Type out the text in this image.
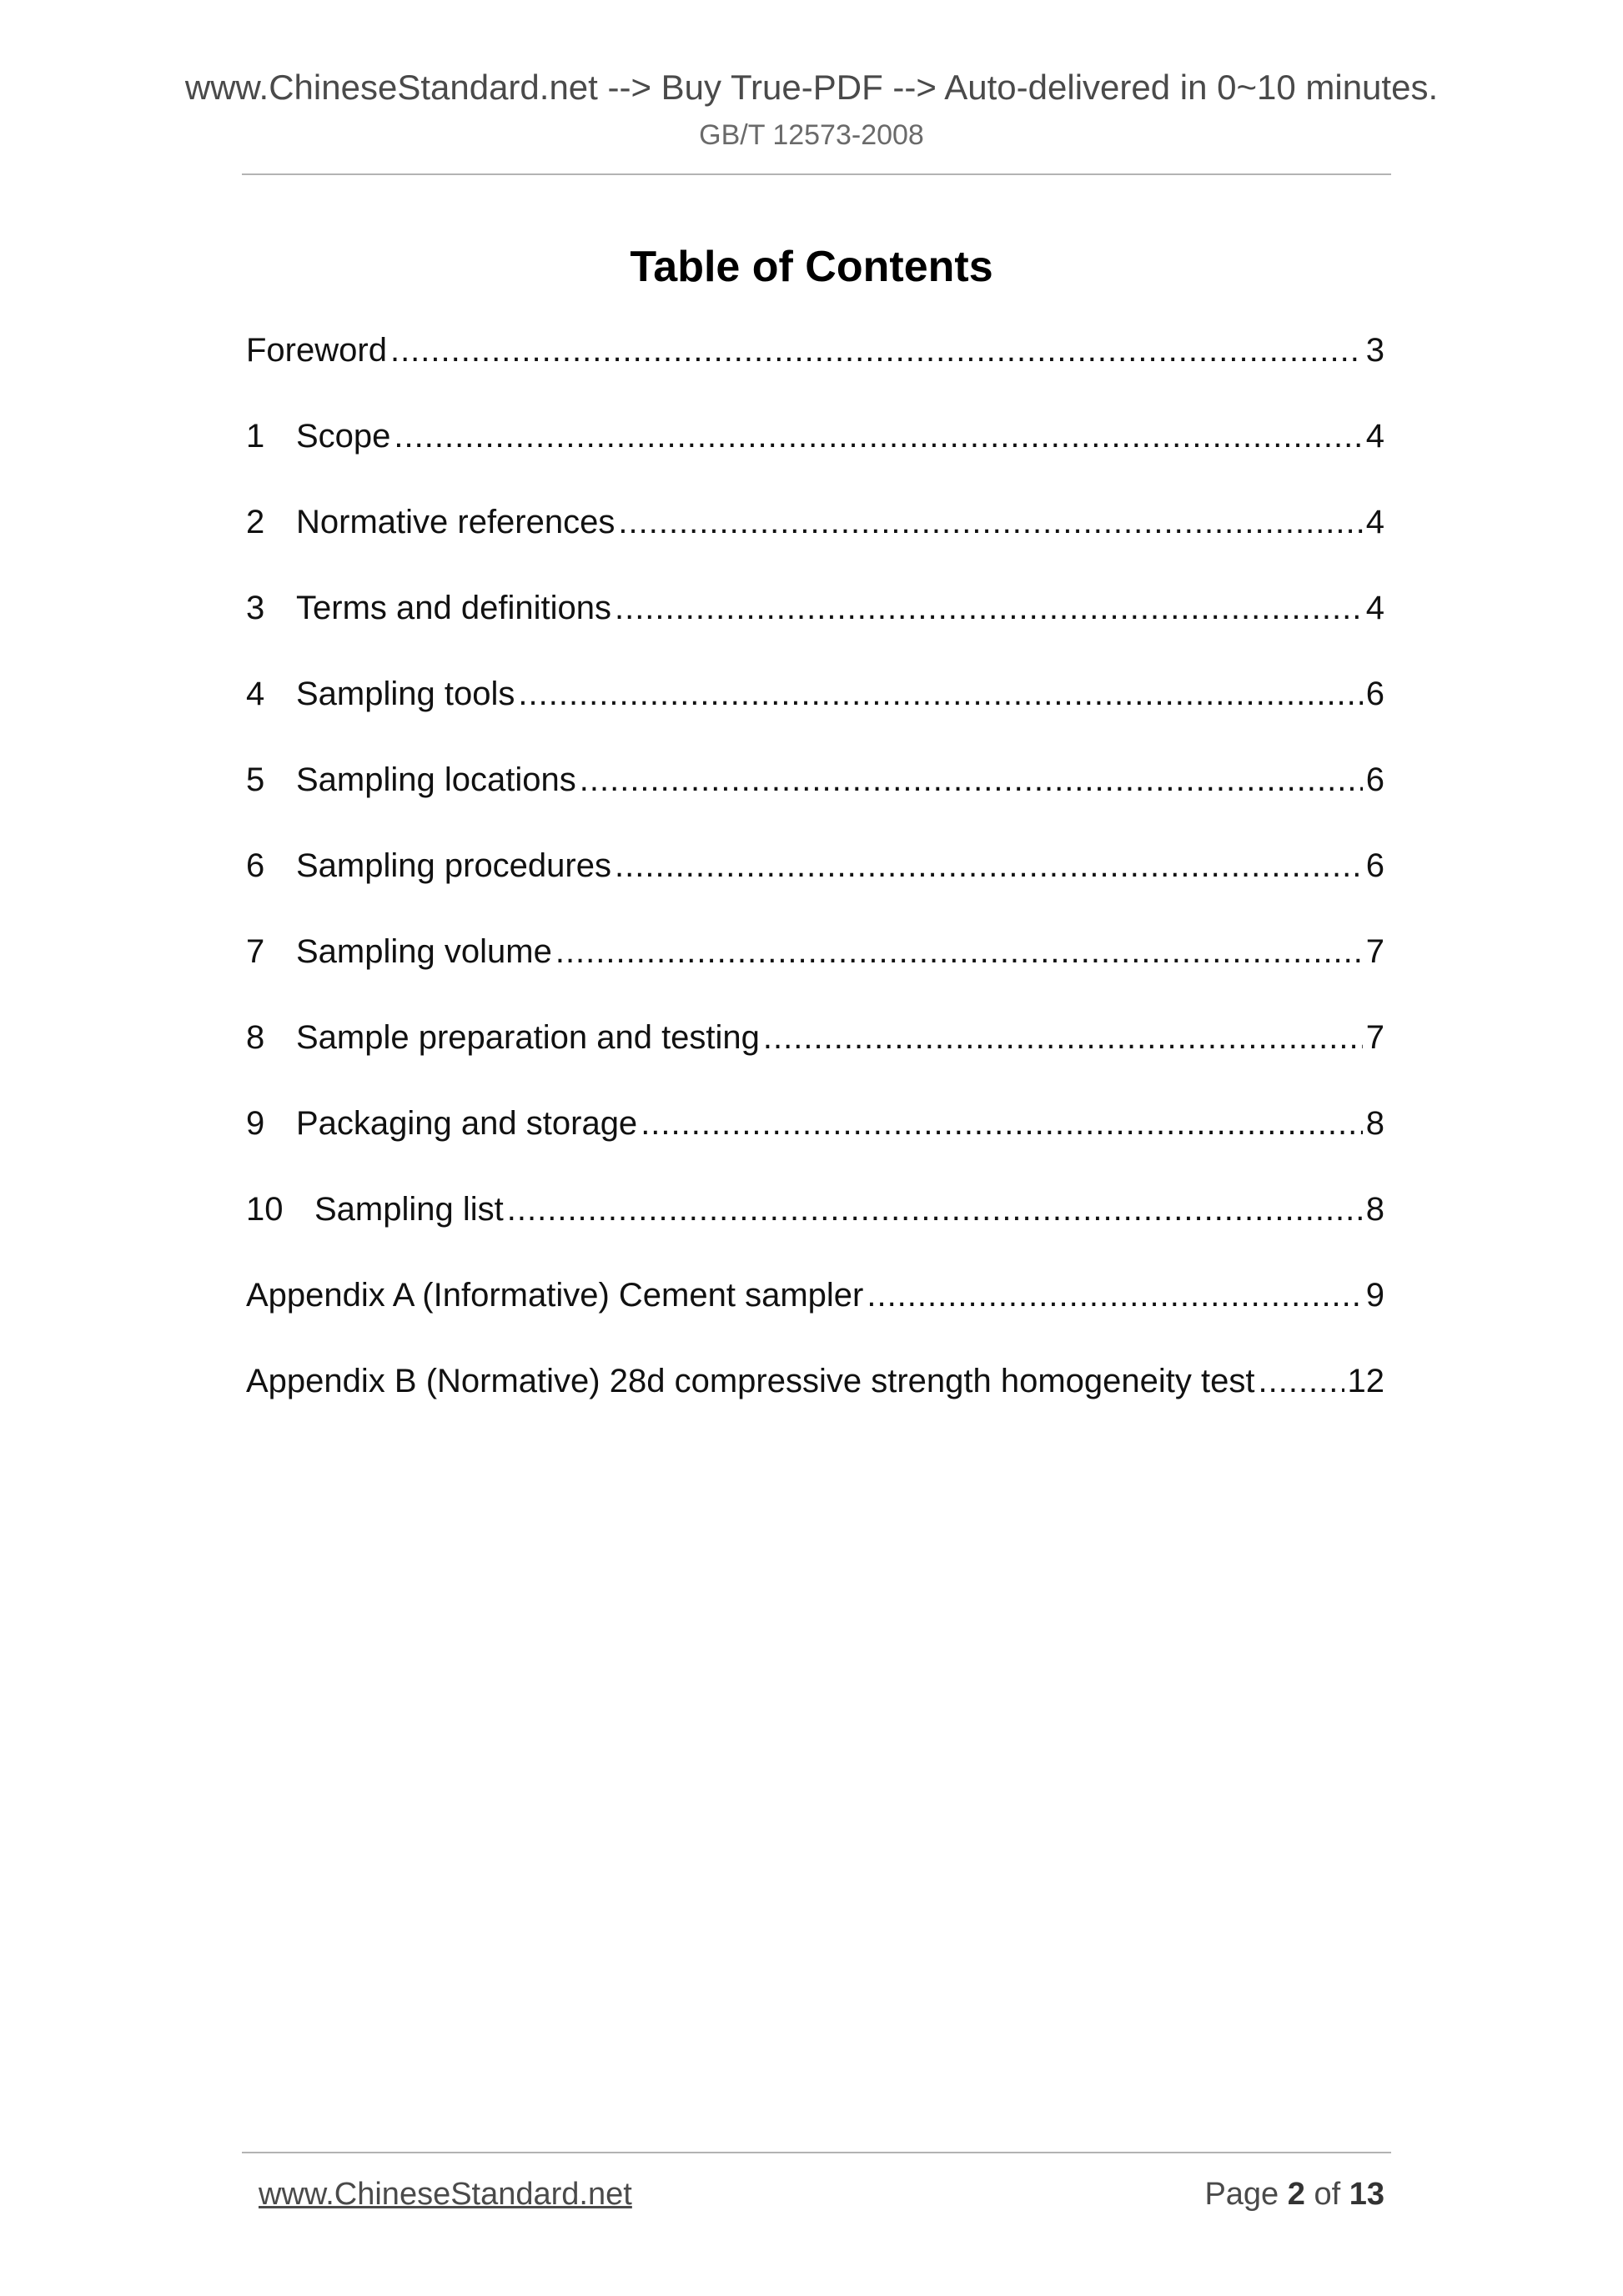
www.ChineseStandard.net --> Buy True-PDF --> Auto-delivered in 0~10 minutes.
GB/T 12573-2008
Table of Contents
Foreword .....	3
1 Scope .....	4
2 Normative references .....	4
3 Terms and definitions .....	4
4 Sampling tools .....	6
5 Sampling locations .....	6
6 Sampling procedures .....	6
7 Sampling volume .....	7
8 Sample preparation and testing .....	7
9 Packaging and storage .....	8
10 Sampling list .....	8
Appendix A (Informative) Cement sampler .....	9
Appendix B (Normative) 28d compressive strength homogeneity test .....	12
www.ChineseStandard.net	Page 2 of 13
